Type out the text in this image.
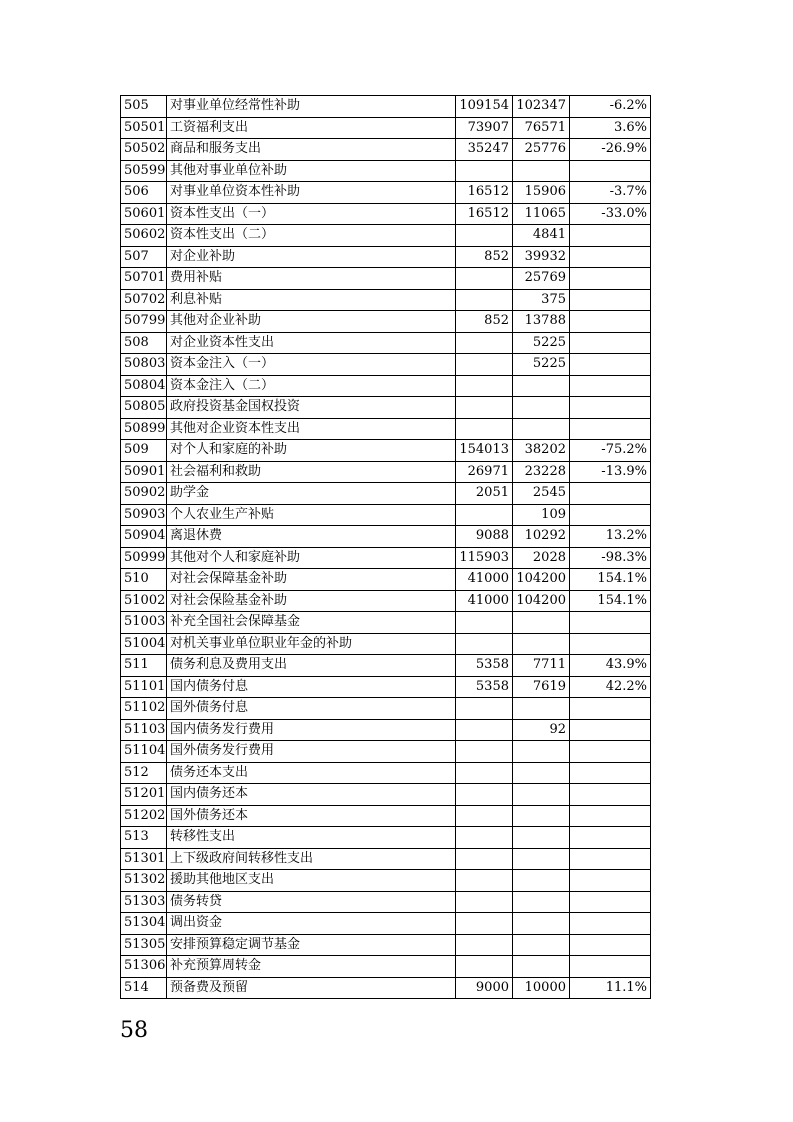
505	对事业单位经常性补助	109154	102347	-6.2%
50501	工资福利支出	73907	76571	3.6%
50502	商品和服务支出	35247	25776	-26.9%
50599	其他对事业单位补助			
506	对事业单位资本性补助	16512	15906	-3.7%
50601	资本性支出（一）	16512	11065	-33.0%
50602	资本性支出（二）		4841	
507	对企业补助	852	39932	
50701	费用补贴		25769	
50702	利息补贴		375	
50799	其他对企业补助	852	13788	
508	对企业资本性支出		5225	
50803	资本金注入（一）		5225	
50804	资本金注入（二）			
50805	政府投资基金国权投资			
50899	其他对企业资本性支出			
509	对个人和家庭的补助	154013	38202	-75.2%
50901	社会福利和救助	26971	23228	-13.9%
50902	助学金	2051	2545	
50903	个人农业生产补贴		109	
50904	离退休费	9088	10292	13.2%
50999	其他对个人和家庭补助	115903	2028	-98.3%
510	对社会保障基金补助	41000	104200	154.1%
51002	对社会保险基金补助	41000	104200	154.1%
51003	补充全国社会保障基金			
51004	对机关事业单位职业年金的补助			
511	债务利息及费用支出	5358	7711	43.9%
51101	国内债务付息	5358	7619	42.2%
51102	国外债务付息			
51103	国内债务发行费用		92	
51104	国外债务发行费用			
512	债务还本支出			
51201	国内债务还本			
51202	国外债务还本			
513	转移性支出			
51301	上下级政府间转移性支出			
51302	援助其他地区支出			
51303	债务转贷			
51304	调出资金			
51305	安排预算稳定调节基金			
51306	补充预算周转金			
514	预备费及预留	9000	10000	11.1%
58
